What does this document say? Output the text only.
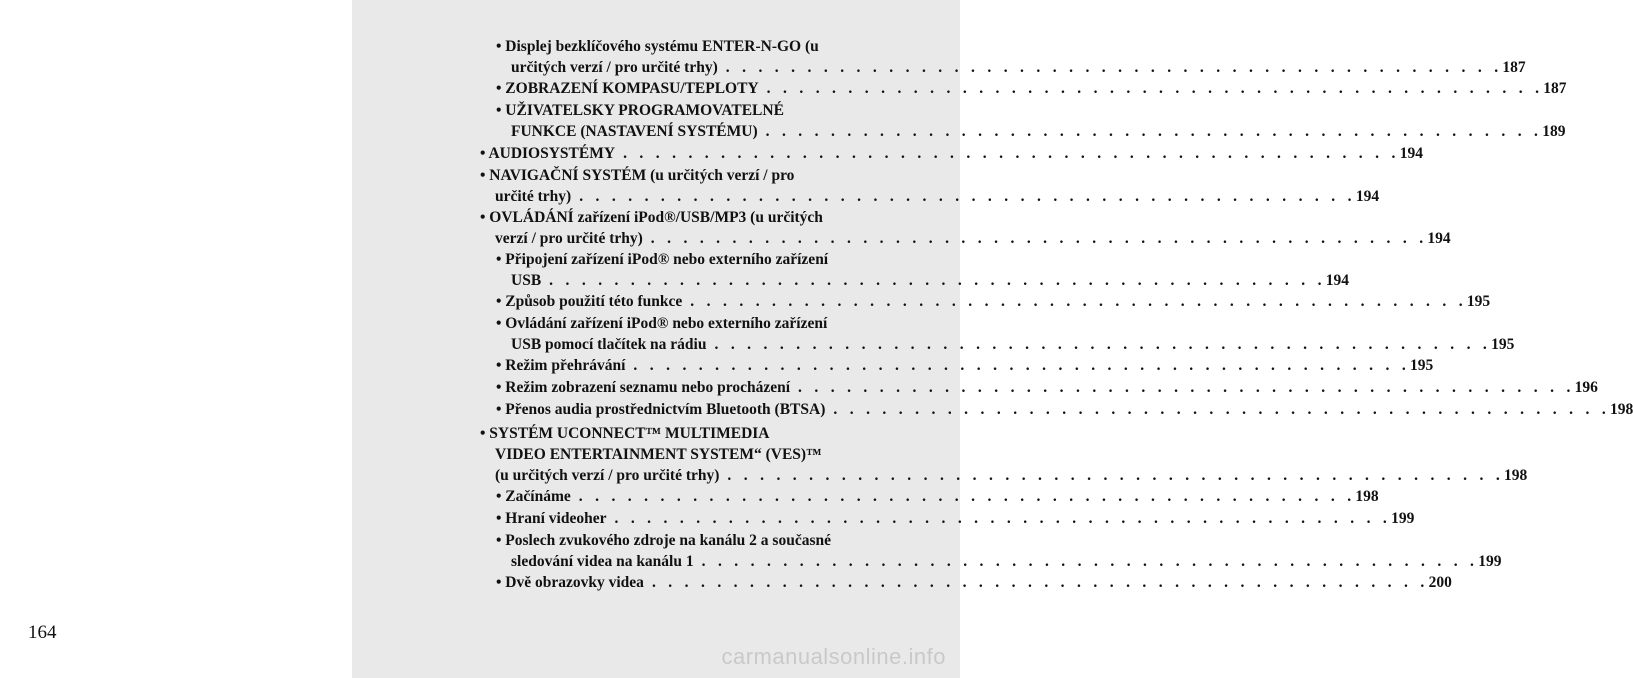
164
• Displej bezklíčového systému ENTER-N-GO (u
určitých verzí / pro určité trhy) . . . . . . . . . . . . . . . . . . . . . . . . . . . . . . . . . . . . . . . . . . . . . . . . 187
• ZOBRAZENÍ KOMPASU/TEPLOTY . . . . . . . . . . . . . . . . . . . . . . . . . . . . . . . . . . . . . . . . . . . . . . . . 187
• UŽIVATELSKY PROGRAMOVATELNÉ
FUNKCE (NASTAVENÍ SYSTÉMU) . . . . . . . . . . . . . . . . . . . . . . . . . . . . . . . . . . . . . . . . . . . . . . . . 189
• AUDIOSYSTÉMY . . . . . . . . . . . . . . . . . . . . . . . . . . . . . . . . . . . . . . . . . . . . . . . . 194
• NAVIGAČNÍ SYSTÉM (u určitých verzí / pro
určité trhy) . . . . . . . . . . . . . . . . . . . . . . . . . . . . . . . . . . . . . . . . . . . . . . . . 194
• OVLÁDÁNÍ zařízení iPod®/USB/MP3 (u určitých
verzí / pro určité trhy) . . . . . . . . . . . . . . . . . . . . . . . . . . . . . . . . . . . . . . . . . . . . . . . . 194
• Připojení zařízení iPod® nebo externího zařízení
USB . . . . . . . . . . . . . . . . . . . . . . . . . . . . . . . . . . . . . . . . . . . . . . . . 194
• Způsob použití této funkce . . . . . . . . . . . . . . . . . . . . . . . . . . . . . . . . . . . . . . . . . . . . . . . . 195
• Ovládání zařízení iPod® nebo externího zařízení
USB pomocí tlačítek na rádiu . . . . . . . . . . . . . . . . . . . . . . . . . . . . . . . . . . . . . . . . . . . . . . . . 195
• Režim přehrávání . . . . . . . . . . . . . . . . . . . . . . . . . . . . . . . . . . . . . . . . . . . . . . . . 195
• Režim zobrazení seznamu nebo procházení . . . . . . . . . . . . . . . . . . . . . . . . . . . . . . . . . . . . . . . . . . . . . . . . 196
• Přenos audia prostřednictvím Bluetooth (BTSA) . . . . . . . . . . . . . . . . . . . . . . . . . . . . . . . . . . . . . . . . . . . . . . . . 198
• SYSTÉM UCONNECT™ MULTIMEDIA
VIDEO ENTERTAINMENT SYSTEM“ (VES)™
(u určitých verzí / pro určité trhy) . . . . . . . . . . . . . . . . . . . . . . . . . . . . . . . . . . . . . . . . . . . . . . . . 198
• Začínáme . . . . . . . . . . . . . . . . . . . . . . . . . . . . . . . . . . . . . . . . . . . . . . . . 198
• Hraní videoher . . . . . . . . . . . . . . . . . . . . . . . . . . . . . . . . . . . . . . . . . . . . . . . . 199
• Poslech zvukového zdroje na kanálu 2 a současné
sledování videa na kanálu 1 . . . . . . . . . . . . . . . . . . . . . . . . . . . . . . . . . . . . . . . . . . . . . . . . 199
• Dvě obrazovky videa . . . . . . . . . . . . . . . . . . . . . . . . . . . . . . . . . . . . . . . . . . . . . . . . 200
carmanualsonline.info
